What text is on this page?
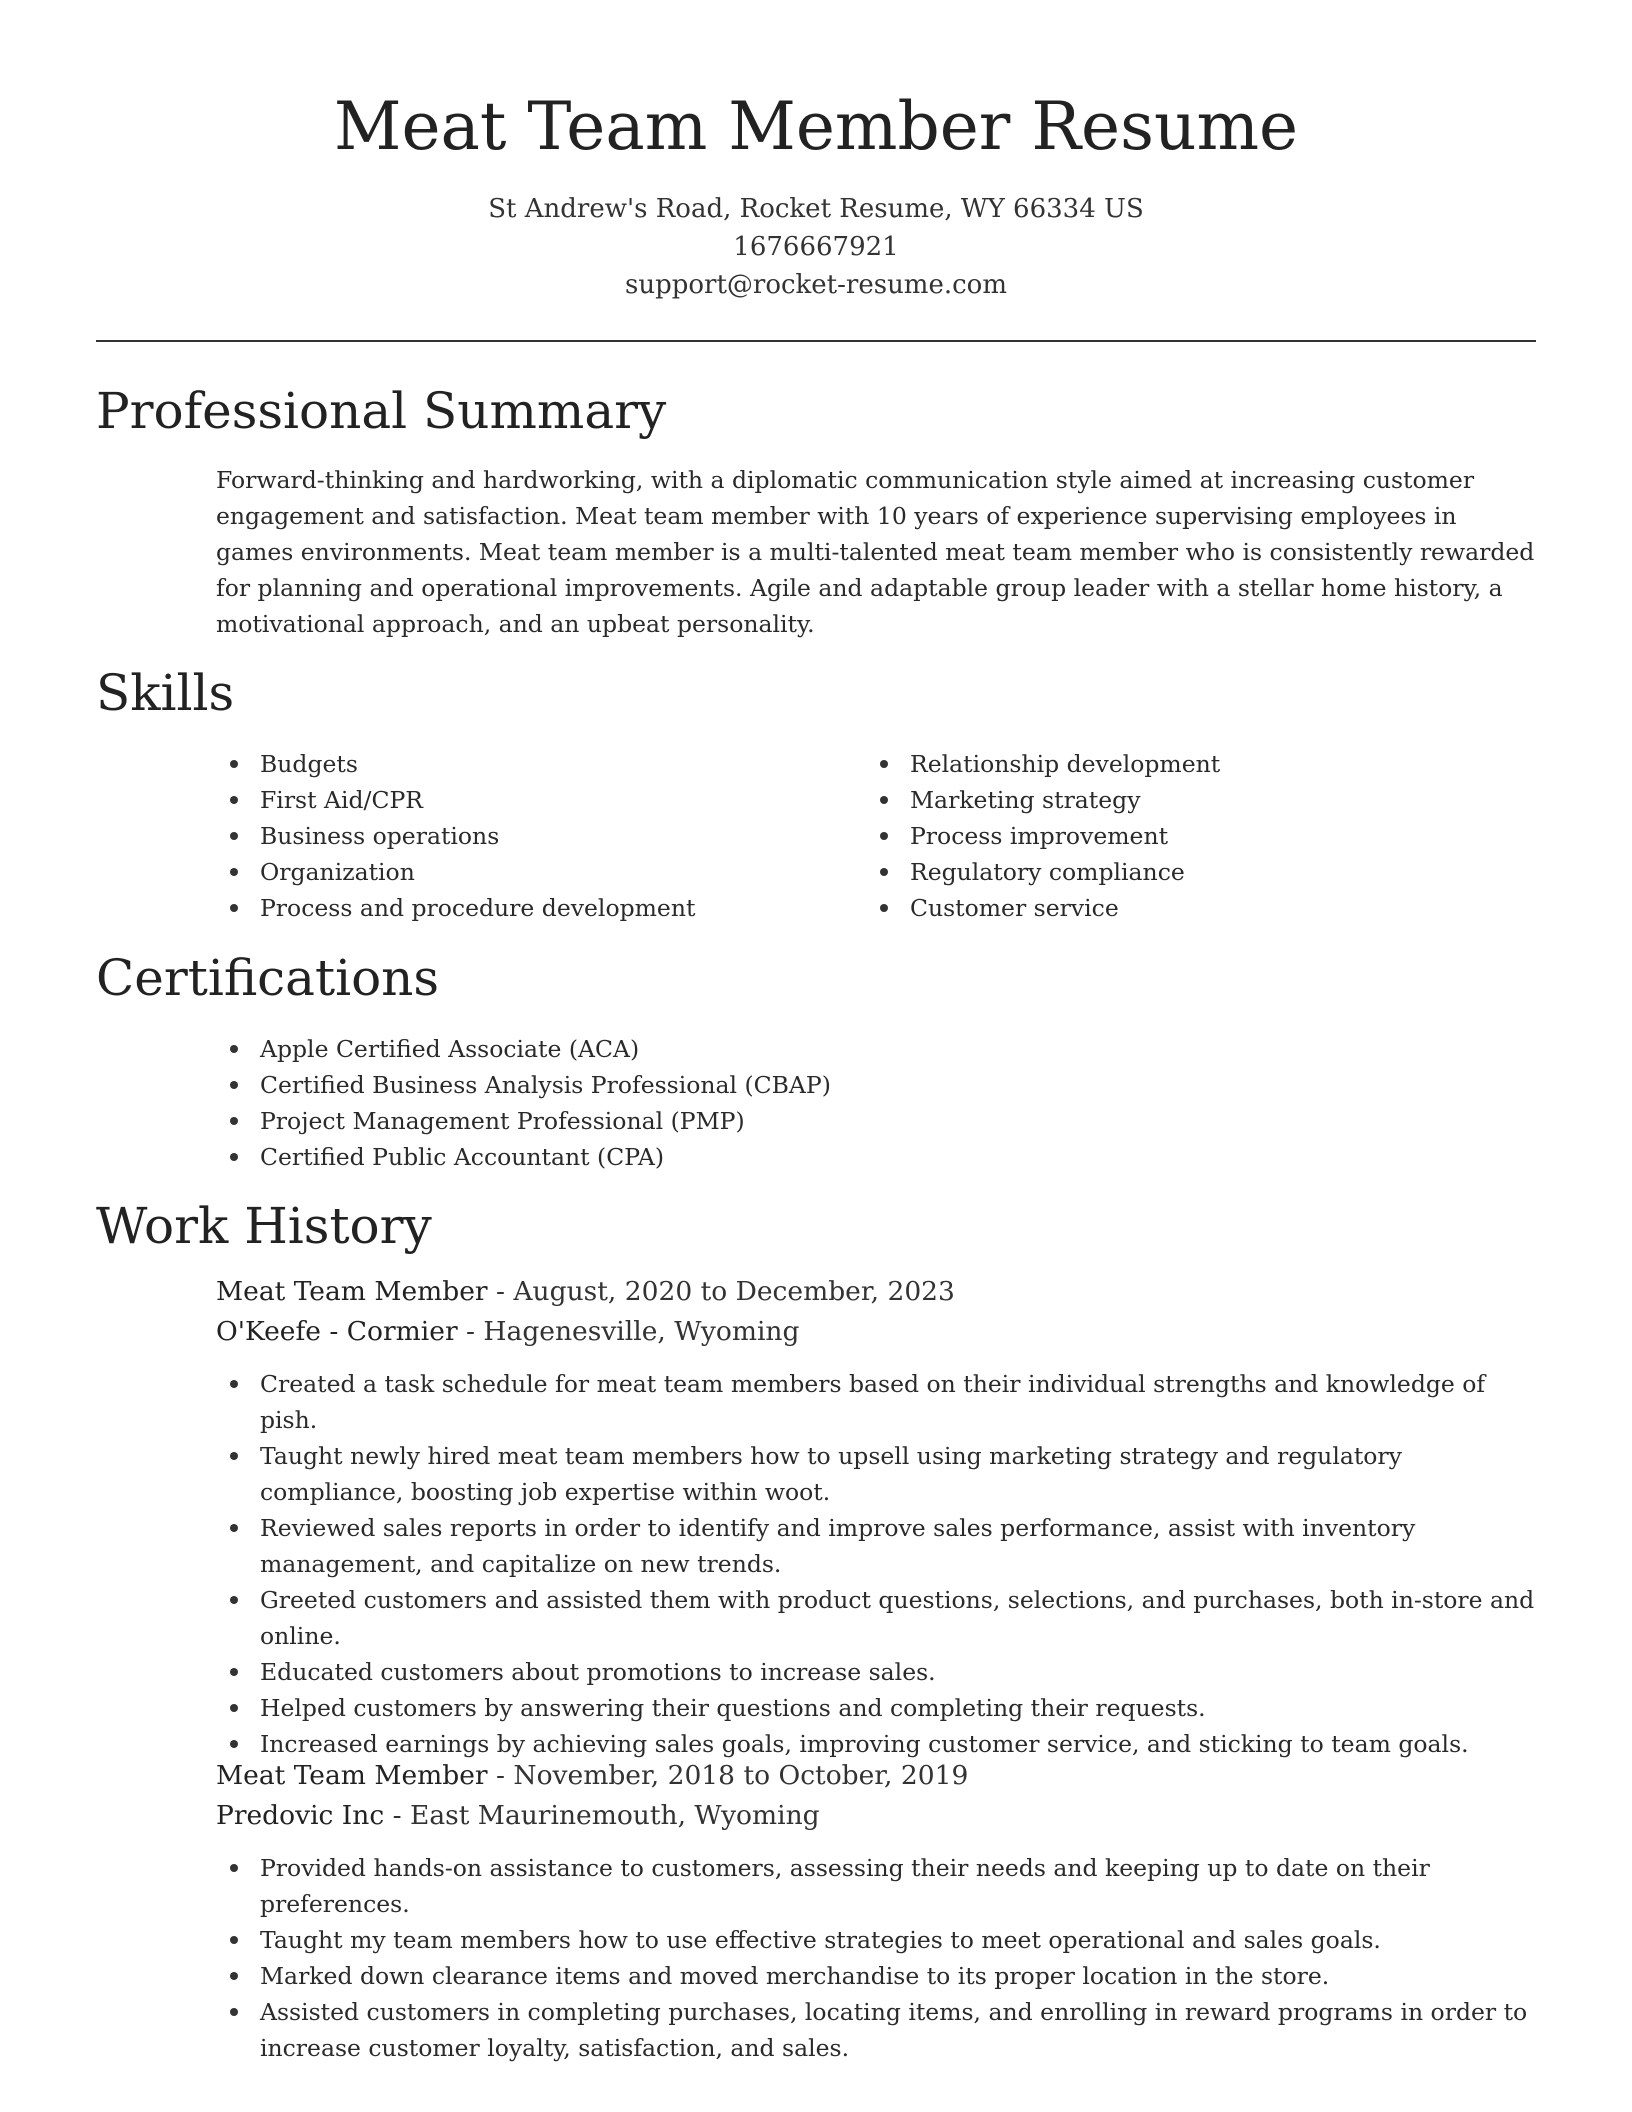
Meat Team Member Resume
St Andrew's Road, Rocket Resume, WY 66334 US
1676667921
support@rocket-resume.com
Professional Summary
Forward-thinking and hardworking, with a diplomatic communication style aimed at increasing customer engagement and satisfaction. Meat team member with 10 years of experience supervising employees in games environments. Meat team member is a multi-talented meat team member who is consistently rewarded for planning and operational improvements. Agile and adaptable group leader with a stellar home history, a motivational approach, and an upbeat personality.
Skills
Budgets
First Aid/CPR
Business operations
Organization
Process and procedure development
Relationship development
Marketing strategy
Process improvement
Regulatory compliance
Customer service
Certifications
Apple Certified Associate (ACA)
Certified Business Analysis Professional (CBAP)
Project Management Professional (PMP)
Certified Public Accountant (CPA)
Work History
Meat Team Member - August, 2020 to December, 2023
O'Keefe - Cormier - Hagenesville, Wyoming
Created a task schedule for meat team members based on their individual strengths and knowledge of pish.
Taught newly hired meat team members how to upsell using marketing strategy and regulatory compliance, boosting job expertise within woot.
Reviewed sales reports in order to identify and improve sales performance, assist with inventory management, and capitalize on new trends.
Greeted customers and assisted them with product questions, selections, and purchases, both in-store and online.
Educated customers about promotions to increase sales.
Helped customers by answering their questions and completing their requests.
Increased earnings by achieving sales goals, improving customer service, and sticking to team goals.
Meat Team Member - November, 2018 to October, 2019
Predovic Inc - East Maurinemouth, Wyoming
Provided hands-on assistance to customers, assessing their needs and keeping up to date on their preferences.
Taught my team members how to use effective strategies to meet operational and sales goals.
Marked down clearance items and moved merchandise to its proper location in the store.
Assisted customers in completing purchases, locating items, and enrolling in reward programs in order to increase customer loyalty, satisfaction, and sales.
